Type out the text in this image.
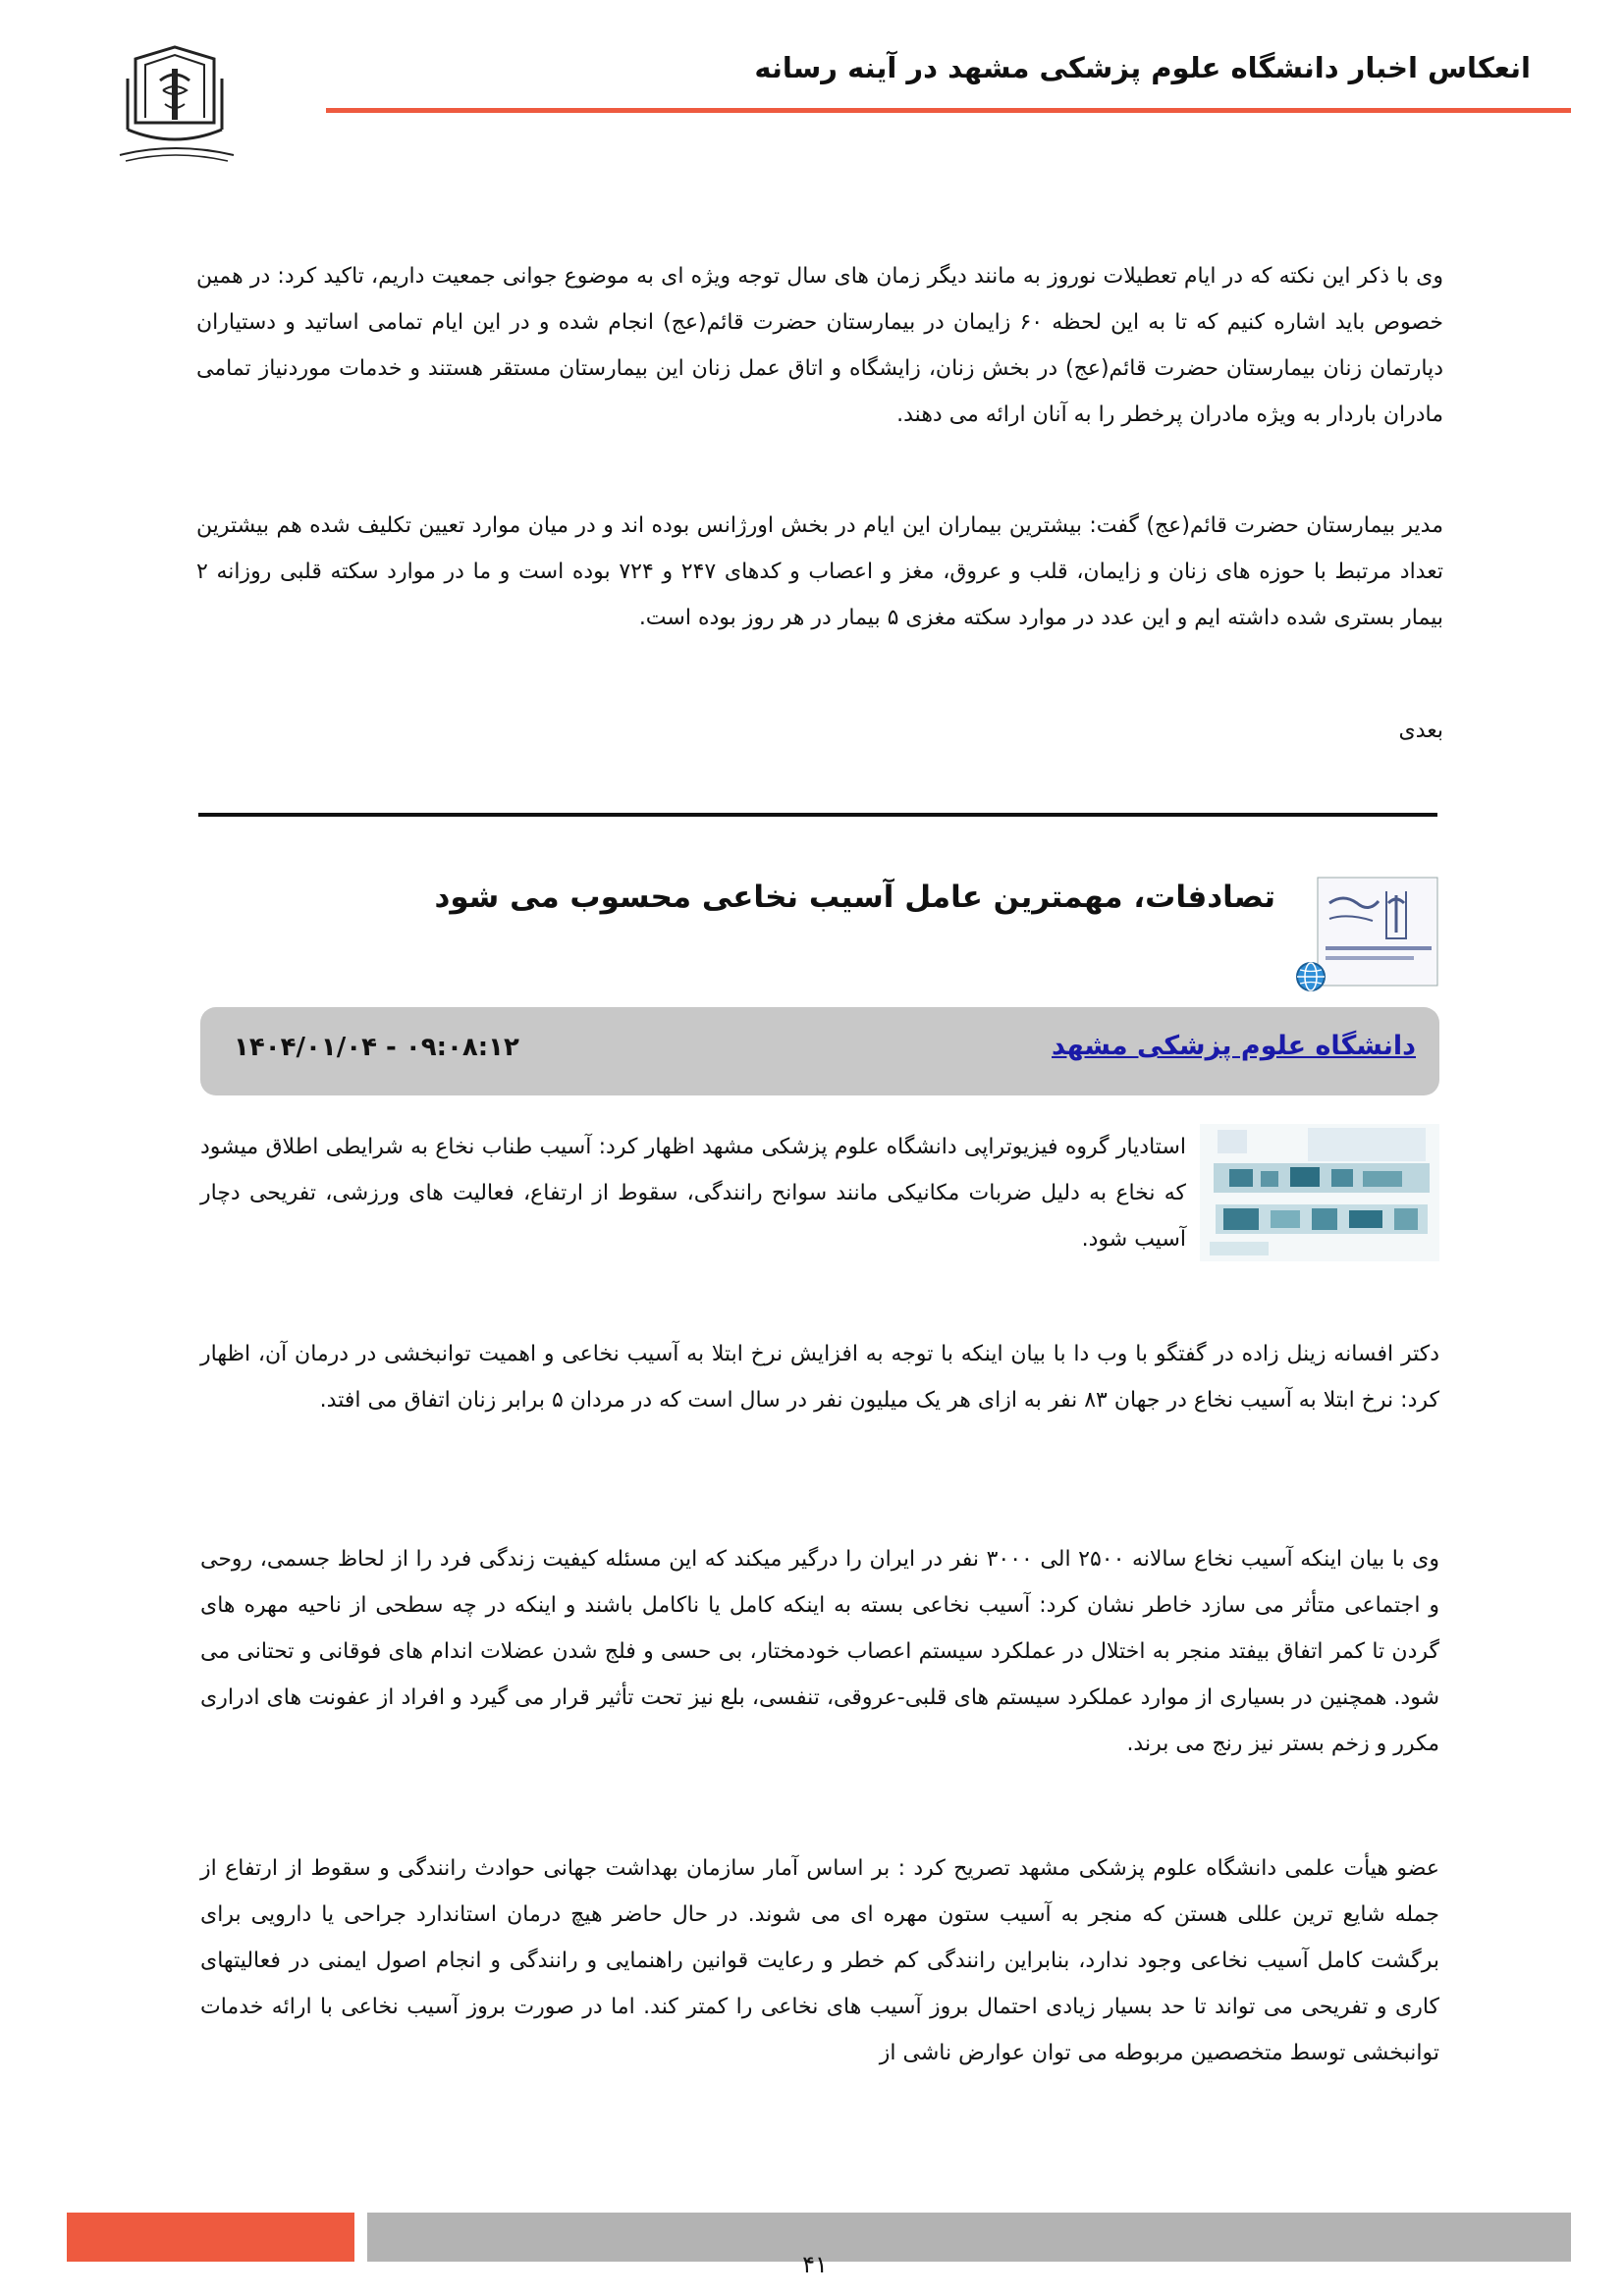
انعکاس اخبار دانشگاه علوم پزشکی مشهد در آینه رسانه

وی با ذکر این نکته که در ایام تعطیلات نوروز به مانند دیگر زمان های سال توجه ویژه ای به موضوع جوانی جمعیت داریم، تاکید کرد: در همین خصوص باید اشاره کنیم که تا به این لحظه ۶۰ زایمان در بیمارستان حضرت قائم(عج) انجام شده و در این ایام تمامی اساتید و دستیاران دپارتمان زنان بیمارستان حضرت قائم(عج) در بخش زنان، زایشگاه و اتاق عمل زنان این بیمارستان مستقر هستند و خدمات موردنیاز تمامی مادران باردار به ویژه مادران پرخطر را به آنان ارائه می دهند.

مدیر بیمارستان حضرت قائم(عج) گفت: بیشترین بیماران این ایام در بخش اورژانس بوده اند و در میان موارد تعیین تکلیف شده هم بیشترین تعداد مرتبط با حوزه های زنان و زایمان، قلب و عروق، مغز و اعصاب و کدهای ۲۴۷ و ۷۲۴ بوده است و ما در موارد سکته قلبی روزانه ۲ بیمار بستری شده داشته ایم و این عدد در موارد سکته مغزی ۵ بیمار در هر روز بوده است.

بعدی
تصادفات، مهمترین عامل آسیب نخاعی محسوب می شود
دانشگاه علوم پزشکی مشهد
۱۴۰۴/۰۱/۰۴ - ۰۹:۰۸:۱۲

استادیار گروه فیزیوتراپی دانشگاه علوم پزشکی مشهد اظهار کرد: آسیب طناب نخاع به شرایطی اطلاق میشود که نخاع به دلیل ضربات مکانیکی مانند سوانح رانندگی، سقوط از ارتفاع، فعالیت های ورزشی، تفریحی دچار آسیب شود.

دکتر افسانه زینل زاده در گفتگو با وب دا با بیان اینکه با توجه به افزایش نرخ ابتلا به آسیب نخاعی و اهمیت توانبخشی در درمان آن، اظهار کرد: نرخ ابتلا به آسیب نخاع در جهان ۸۳ نفر به ازای هر یک میلیون نفر در سال است که در مردان ۵ برابر زنان اتفاق می افتد.

وی با بیان اینکه آسیب نخاع سالانه ۲۵۰۰ الی ۳۰۰۰ نفر در ایران را درگیر میکند که این مسئله کیفیت زندگی فرد را از لحاظ جسمی، روحی و اجتماعی متأثر می سازد خاطر نشان کرد: آسیب نخاعی بسته به اینکه کامل یا ناکامل باشند و اینکه در چه سطحی از ناحیه مهره های گردن تا کمر اتفاق بیفتد منجر به اختلال در عملکرد سیستم اعصاب خودمختار، بی حسی و فلج شدن عضلات اندام های فوقانی و تحتانی می شود. همچنین در بسیاری از موارد عملکرد سیستم های قلبی-عروقی، تنفسی، بلع نیز تحت تأثیر قرار می گیرد و افراد از عفونت های ادراری مکرر و زخم بستر نیز رنج می برند.

عضو هیأت علمی دانشگاه علوم پزشکی مشهد تصریح کرد : بر اساس آمار سازمان بهداشت جهانی حوادث رانندگی و سقوط از ارتفاع از جمله شایع ترین عللی هستن که منجر به آسیب ستون مهره ای می شوند. در حال حاضر هیچ درمان استاندارد جراحی یا دارویی برای برگشت کامل آسیب نخاعی وجود ندارد، بنابراین رانندگی کم خطر و رعایت قوانین راهنمایی و رانندگی و انجام اصول ایمنی در فعالیتهای کاری و تفریحی می تواند تا حد بسیار زیادی احتمال بروز آسیب های نخاعی را کمتر کند. اما در صورت بروز آسیب نخاعی با ارائه خدمات توانبخشی توسط متخصصین مربوطه می توان عوارض ناشی از

۴۱
